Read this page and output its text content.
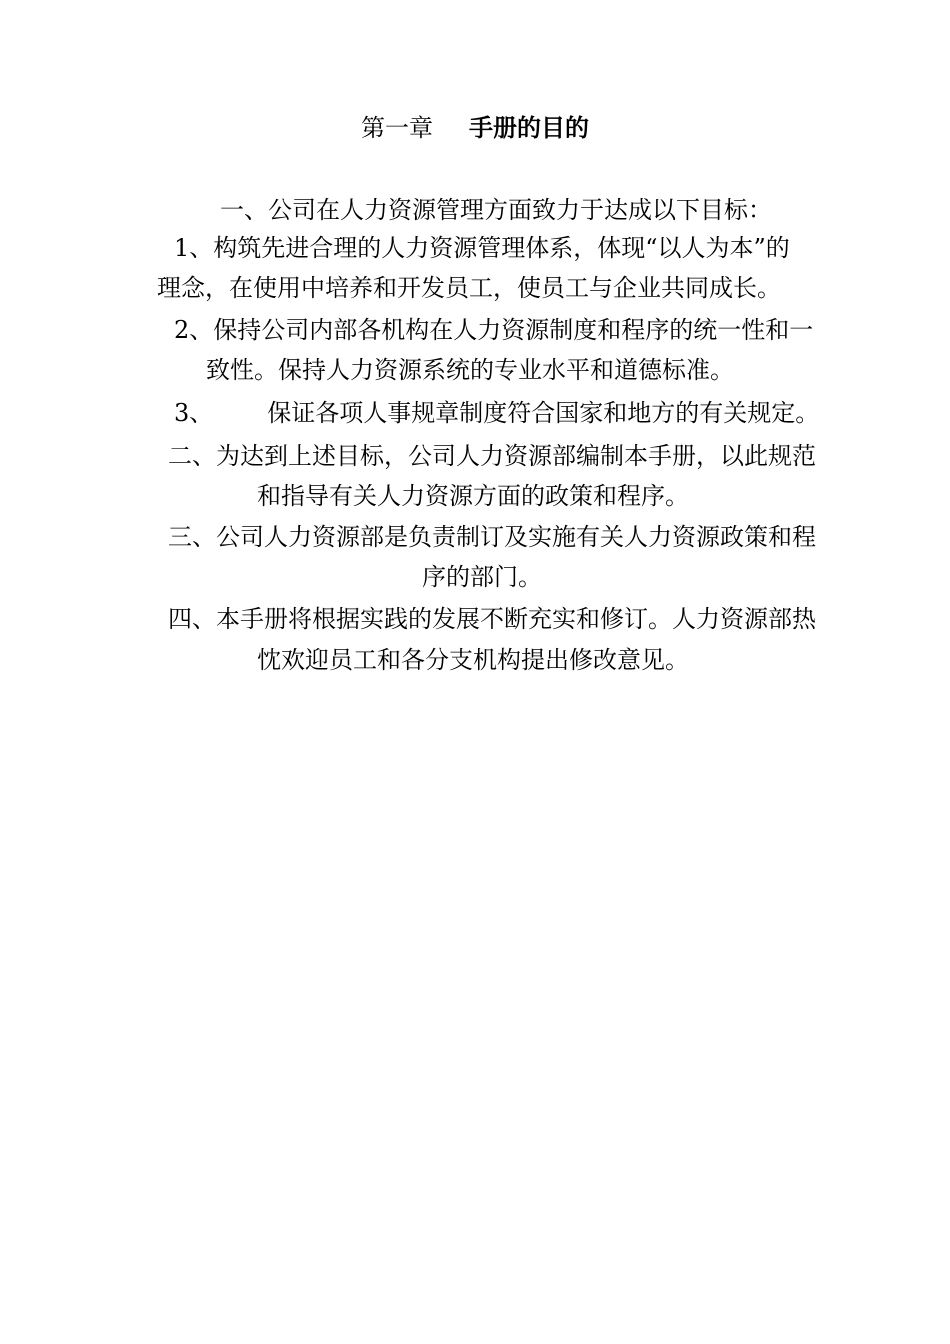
第一章 手册的目的
一、公司在人力资源管理方面致力于达成以下目标：
1、构筑先进合理的人力资源管理体系，体现“以人为本”的
理念，在使用中培养和开发员工，使员工与企业共同成长。
2、保持公司内部各机构在人力资源制度和程序的统一性和一
致性。保持人力资源系统的专业水平和道德标准。
3、 保证各项人事规章制度符合国家和地方的有关规定。
二、为达到上述目标，公司人力资源部编制本手册，以此规范
和指导有关人力资源方面的政策和程序。
三、公司人力资源部是负责制订及实施有关人力资源政策和程
序的部门。
四、本手册将根据实践的发展不断充实和修订。人力资源部热
忱欢迎员工和各分支机构提出修改意见。
